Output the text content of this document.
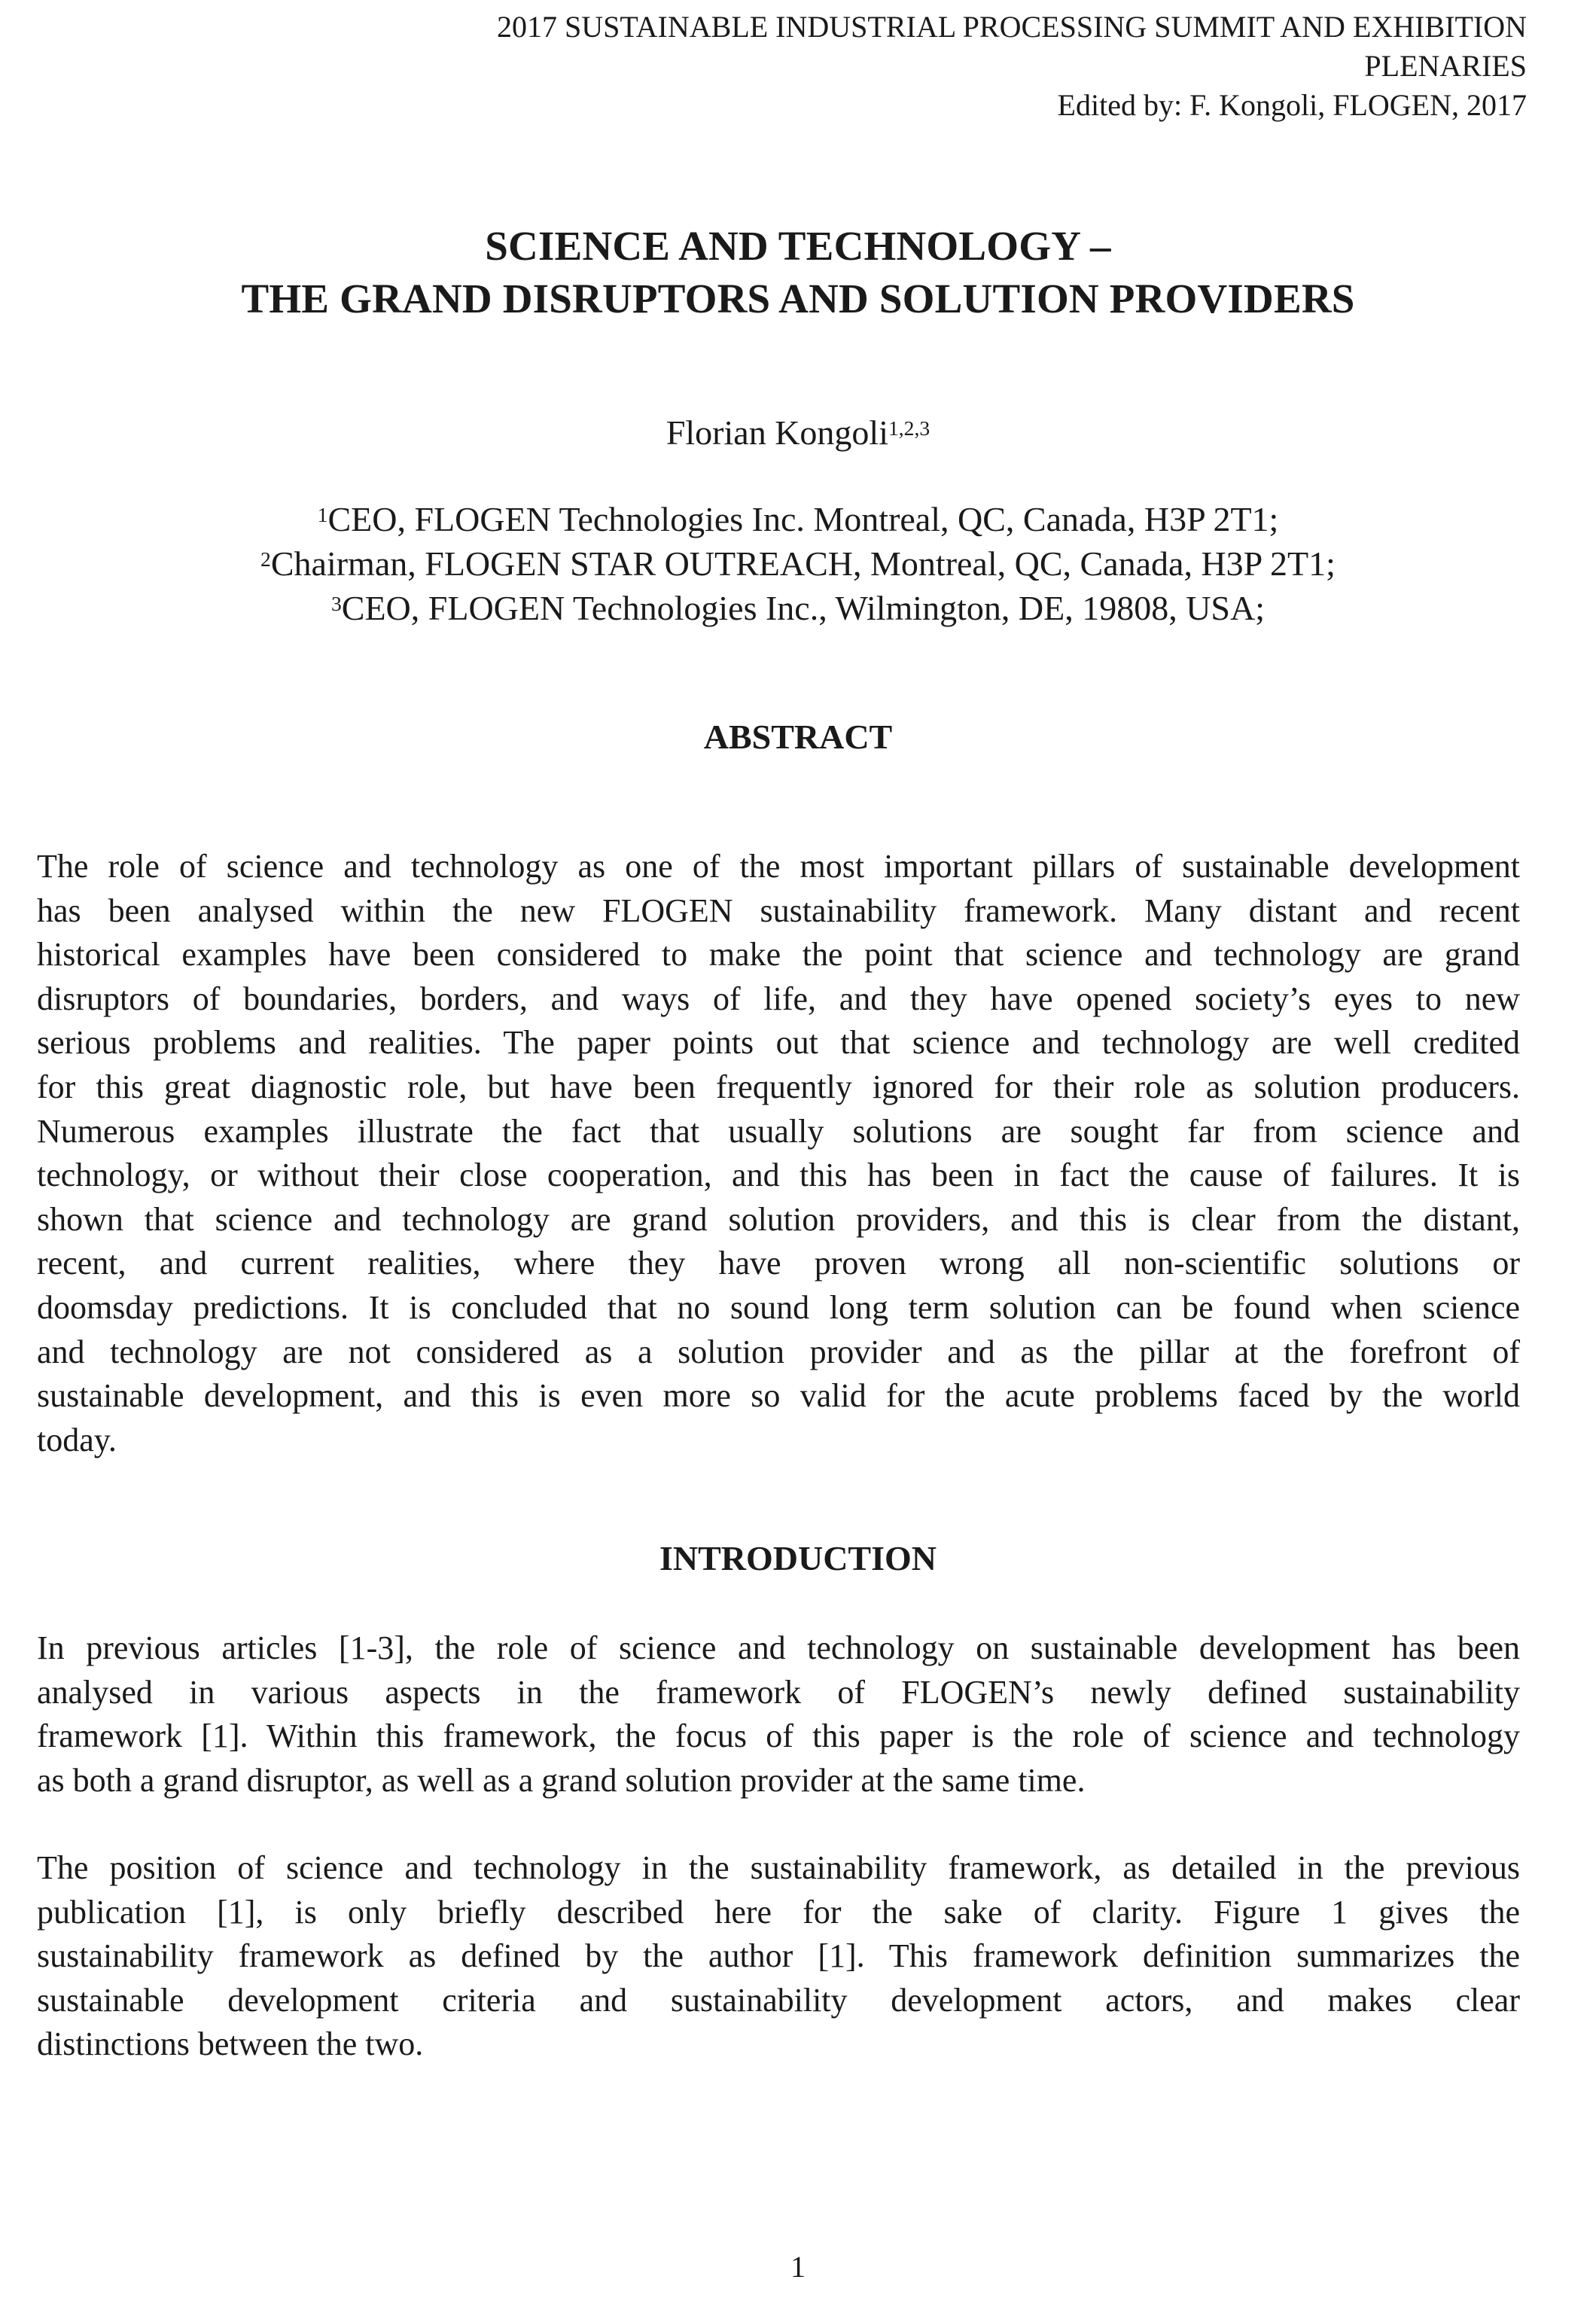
2017 SUSTAINABLE INDUSTRIAL PROCESSING SUMMIT AND EXHIBITION
PLENARIES
Edited by: F. Kongoli, FLOGEN, 2017
SCIENCE AND TECHNOLOGY –
THE GRAND DISRUPTORS AND SOLUTION PROVIDERS
Florian Kongoli$^{1,2,3}$
$^1$CEO, FLOGEN Technologies Inc. Montreal, QC, Canada, H3P 2T1;
$^2$Chairman, FLOGEN STAR OUTREACH, Montreal, QC, Canada, H3P 2T1;
$^3$CEO, FLOGEN Technologies Inc., Wilmington, DE, 19808, USA;
ABSTRACT
The role of science and technology as one of the most important pillars of sustainable development
has been analysed within the new FLOGEN sustainability framework. Many distant and recent
historical examples have been considered to make the point that science and technology are grand
disruptors of boundaries, borders, and ways of life, and they have opened society’s eyes to new
serious problems and realities. The paper points out that science and technology are well credited
for this great diagnostic role, but have been frequently ignored for their role as solution producers.
Numerous examples illustrate the fact that usually solutions are sought far from science and
technology, or without their close cooperation, and this has been in fact the cause of failures. It is
shown that science and technology are grand solution providers, and this is clear from the distant,
recent, and current realities, where they have proven wrong all non-scientific solutions or
doomsday predictions. It is concluded that no sound long term solution can be found when science
and technology are not considered as a solution provider and as the pillar at the forefront of
sustainable development, and this is even more so valid for the acute problems faced by the world
today.
INTRODUCTION
In previous articles [1-3], the role of science and technology on sustainable development has been
analysed in various aspects in the framework of FLOGEN’s newly defined sustainability
framework [1]. Within this framework, the focus of this paper is the role of science and technology
as both a grand disruptor, as well as a grand solution provider at the same time.
The position of science and technology in the sustainability framework, as detailed in the previous
publication [1], is only briefly described here for the sake of clarity. Figure 1 gives the
sustainability framework as defined by the author [1]. This framework definition summarizes the
sustainable development criteria and sustainability development actors, and makes clear
distinctions between the two.
1
